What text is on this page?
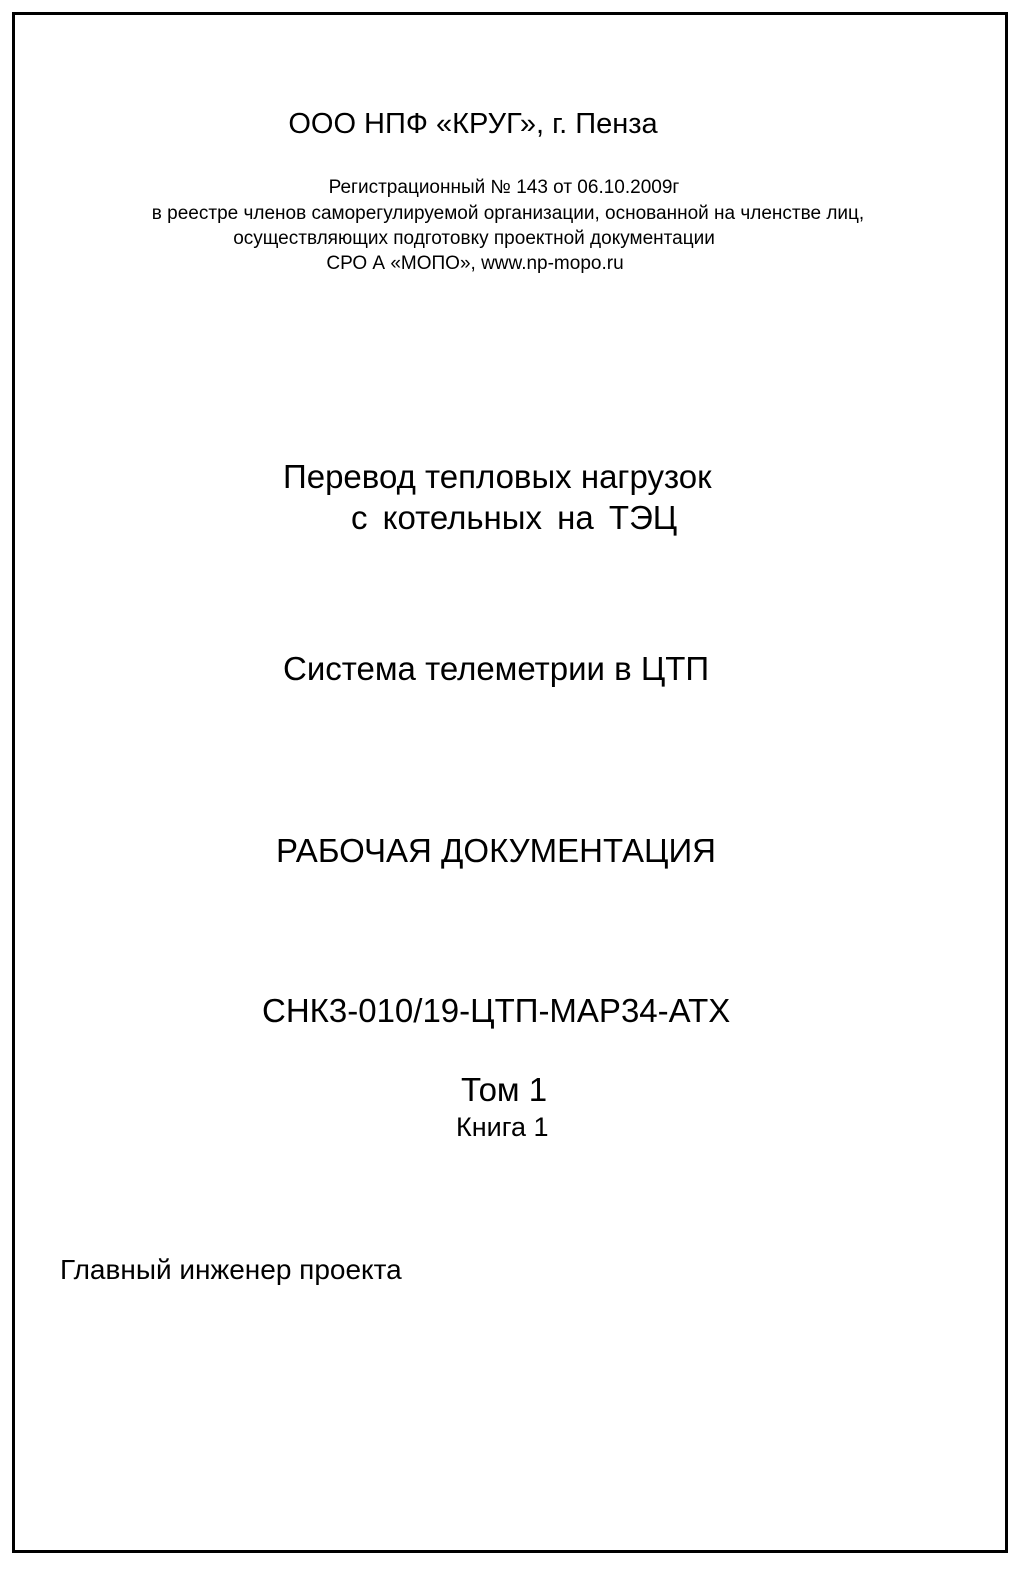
ООО НПФ «КРУГ», г. Пенза
Регистрационный № 143 от 06.10.2009г
в реестре членов саморегулируемой организации, основанной на членстве лиц,
осуществляющих подготовку проектной документации
СРО А «МОПО», www.np-mopo.ru
Перевод тепловых нагрузок
с котельных на ТЭЦ
Система телеметрии в ЦТП
РАБОЧАЯ ДОКУМЕНТАЦИЯ
СНК3-010/19-ЦТП-МАР34-АТХ
Том 1
Книга 1
Главный инженер проекта
